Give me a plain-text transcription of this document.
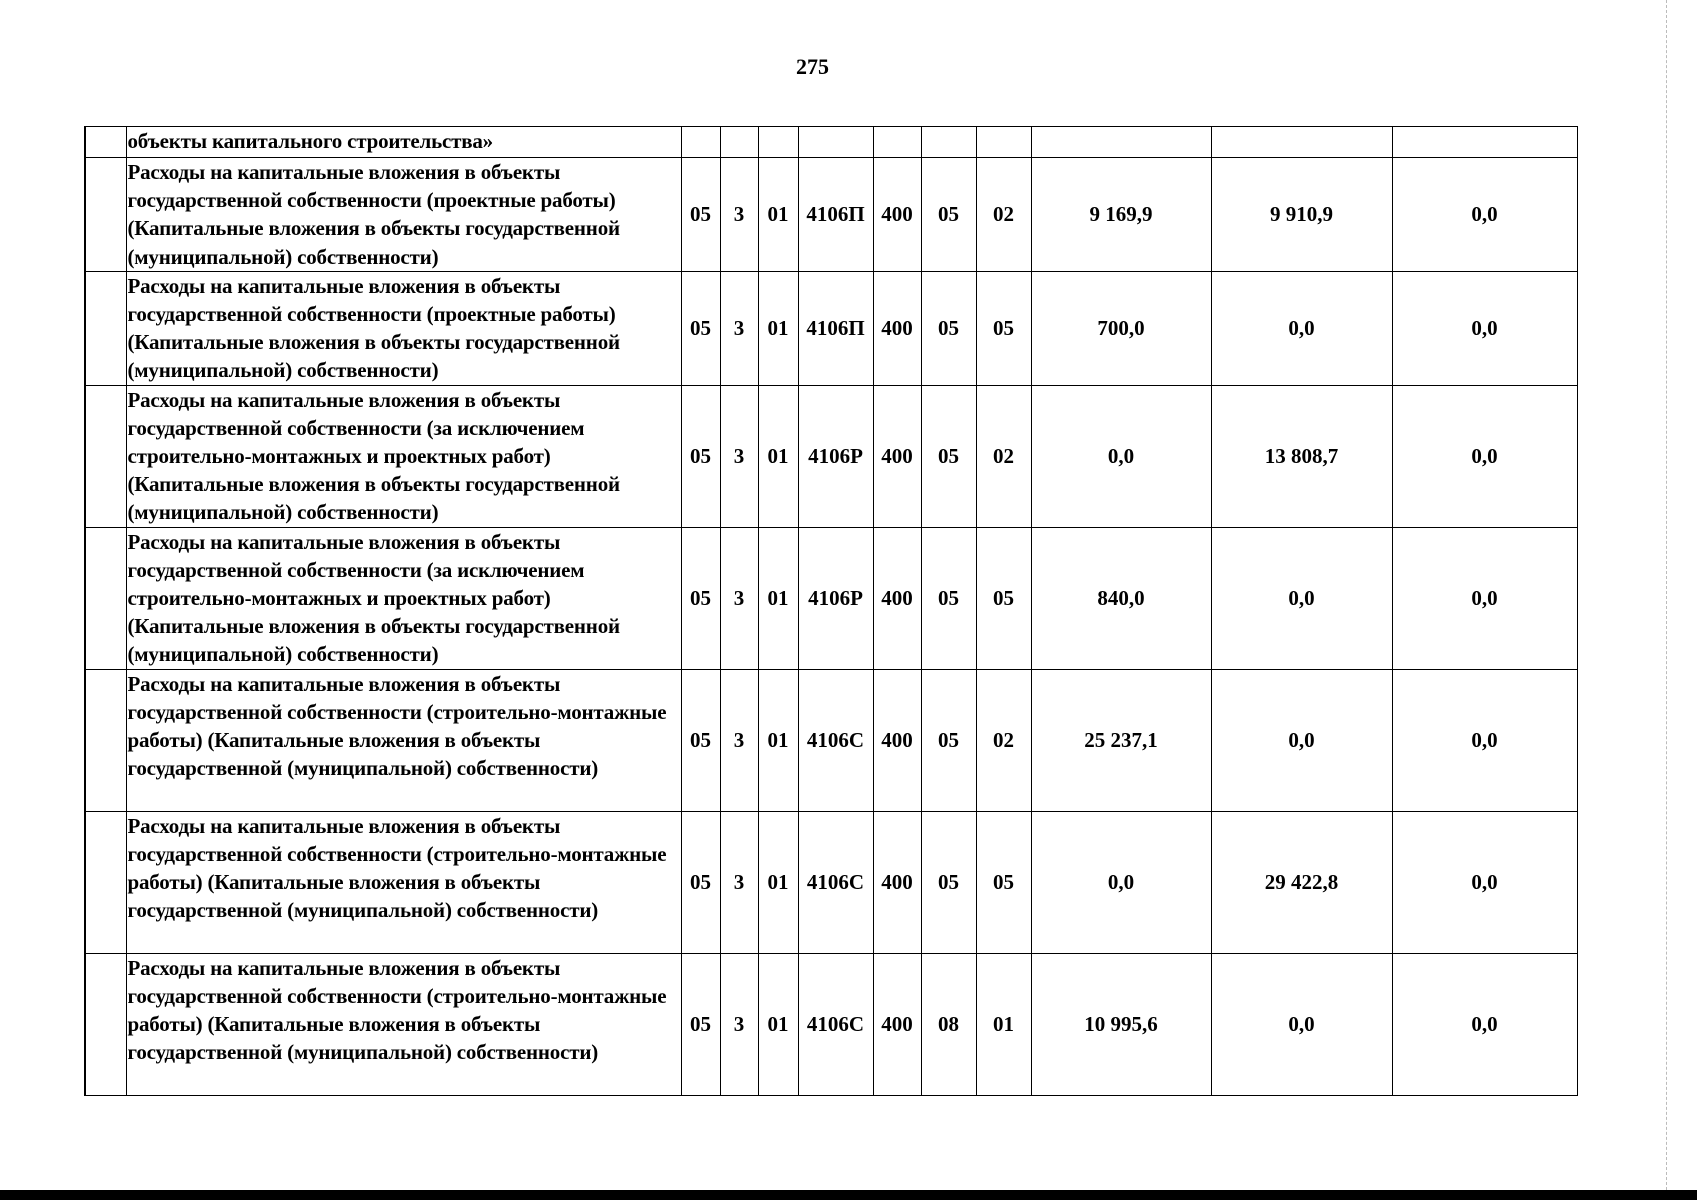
275
	объекты капитального строительства»										
	Расходы на капитальные вложения в объекты государственной собственности (проектные работы) (Капитальные вложения в объекты государственной (муниципальной) собственности)	05	3	01	4106П	400	05	02	9 169,9	9 910,9	0,0
	Расходы на капитальные вложения в объекты государственной собственности (проектные работы) (Капитальные вложения в объекты государственной (муниципальной) собственности)	05	3	01	4106П	400	05	05	700,0	0,0	0,0
	Расходы на капитальные вложения в объекты государственной собственности (за исключением строительно-монтажных и проектных работ) (Капитальные вложения в объекты государственной (муниципальной) собственности)	05	3	01	4106Р	400	05	02	0,0	13 808,7	0,0
	Расходы на капитальные вложения в объекты государственной собственности (за исключением строительно-монтажных и проектных работ) (Капитальные вложения в объекты государственной (муниципальной) собственности)	05	3	01	4106Р	400	05	05	840,0	0,0	0,0
	Расходы на капитальные вложения в объекты государственной собственности (строительно-монтажные работы) (Капитальные вложения в объекты государственной (муниципальной) собственности)	05	3	01	4106С	400	05	02	25 237,1	0,0	0,0
	Расходы на капитальные вложения в объекты государственной собственности (строительно-монтажные работы) (Капитальные вложения в объекты государственной (муниципальной) собственности)	05	3	01	4106С	400	05	05	0,0	29 422,8	0,0
	Расходы на капитальные вложения в объекты государственной собственности (строительно-монтажные работы) (Капитальные вложения в объекты государственной (муниципальной) собственности)	05	3	01	4106С	400	08	01	10 995,6	0,0	0,0
